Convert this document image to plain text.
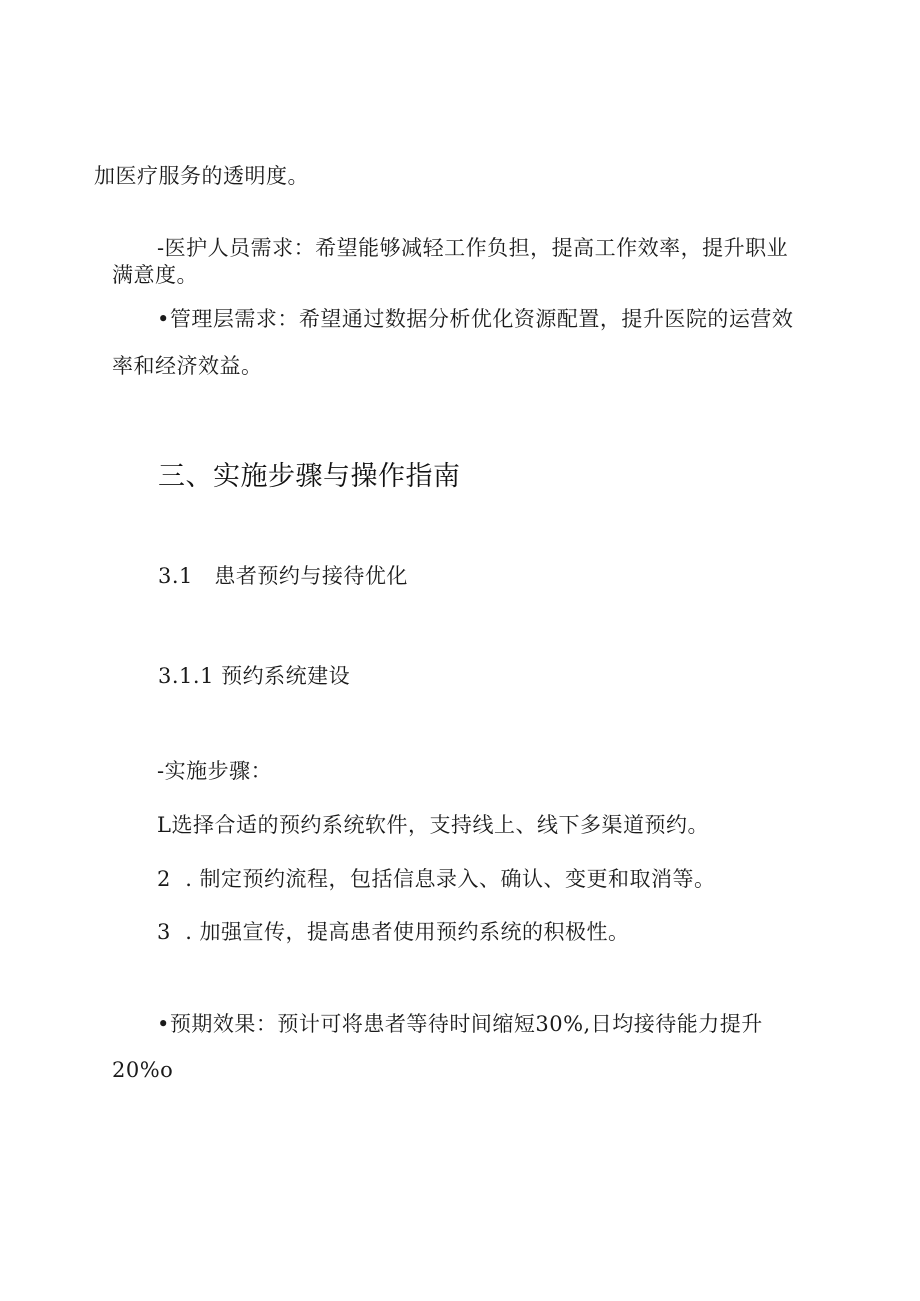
加医疗服务的透明度。
-医护人员需求：希望能够减轻工作负担，提高工作效率，提升职业
满意度。
•管理层需求：希望通过数据分析优化资源配置，提升医院的运营效
率和经济效益。
三、实施步骤与操作指南
3.1   患者预约与接待优化
3.1.1 预约系统建设
-实施步骤：
L选择合适的预约系统软件，支持线上、线下多渠道预约。
2  . 制定预约流程，包括信息录入、确认、变更和取消等。
3  . 加强宣传，提高患者使用预约系统的积极性。
•预期效果：预计可将患者等待时间缩短30%,日均接待能力提升
20%o
